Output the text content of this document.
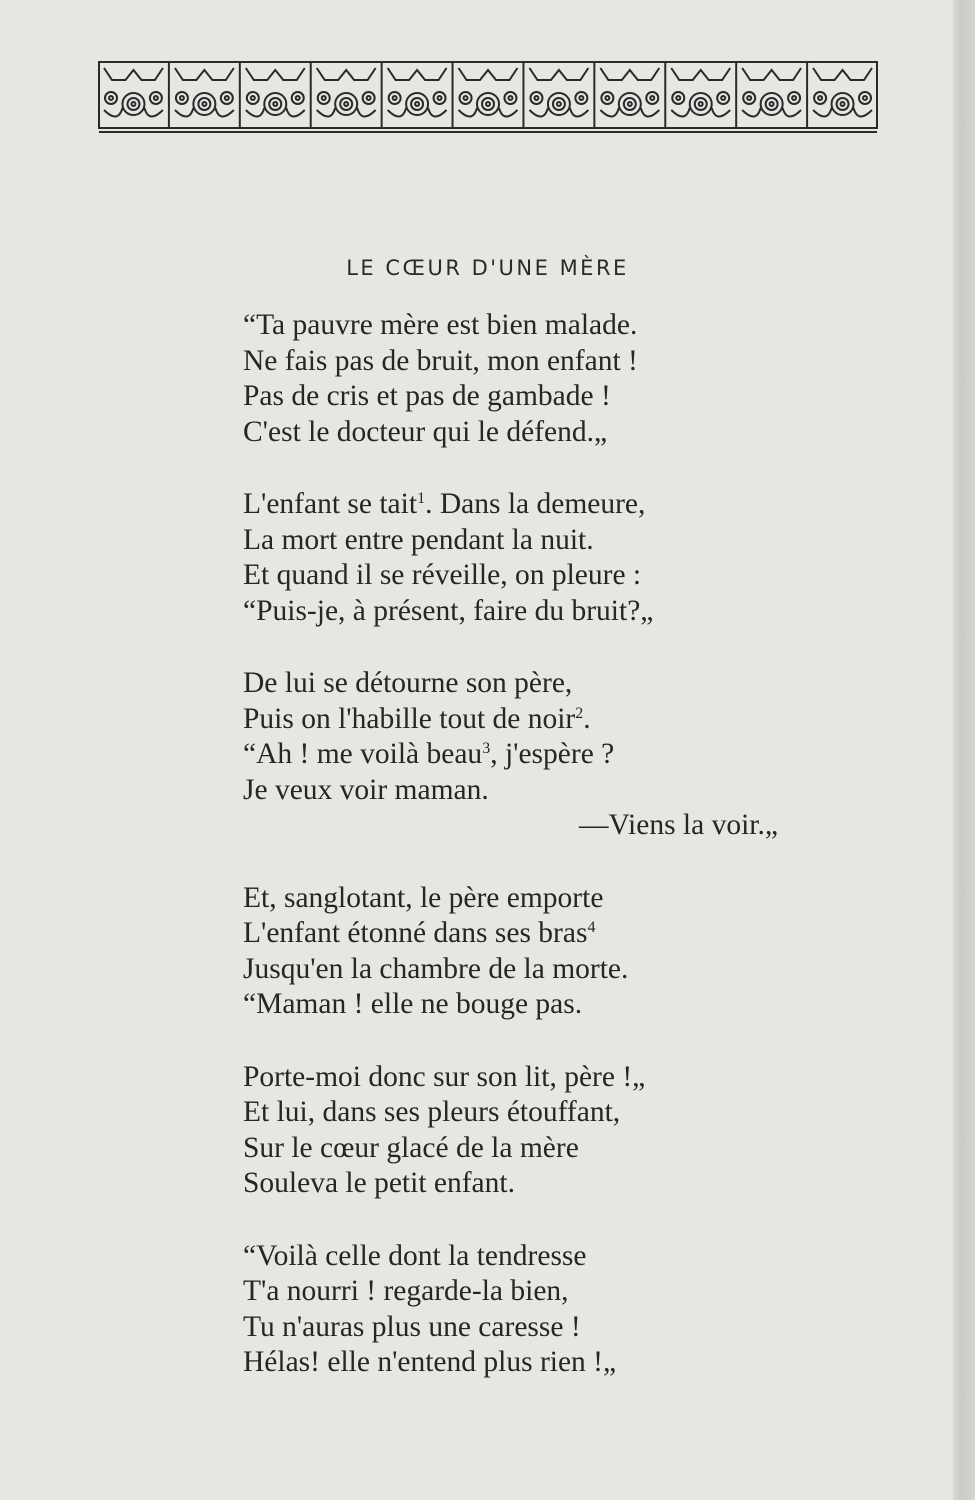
LE CŒUR D'UNE MÈRE
“Ta pauvre mère est bien malade.
Ne fais pas de bruit, mon enfant !
Pas de cris et pas de gambade !
C'est le docteur qui le défend.„
L'enfant se tait$^1$. Dans la demeure,
La mort entre pendant la nuit.
Et quand il se réveille, on pleure :
“Puis-je, à présent, faire du bruit?„
De lui se détourne son père,
Puis on l'habille tout de noir$^2$.
“Ah ! me voilà beau$^3$, j'espère ?
Je veux voir maman.
—Viens la voir.„
Et, sanglotant, le père emporte
L'enfant étonné dans ses bras$^4$
Jusqu'en la chambre de la morte.
“Maman ! elle ne bouge pas.
Porte-moi donc sur son lit, père !„
Et lui, dans ses pleurs étouffant,
Sur le cœur glacé de la mère
Souleva le petit enfant.
“Voilà celle dont la tendresse
T'a nourri ! regarde-la bien,
Tu n'auras plus une caresse !
Hélas! elle n'entend plus rien !„
